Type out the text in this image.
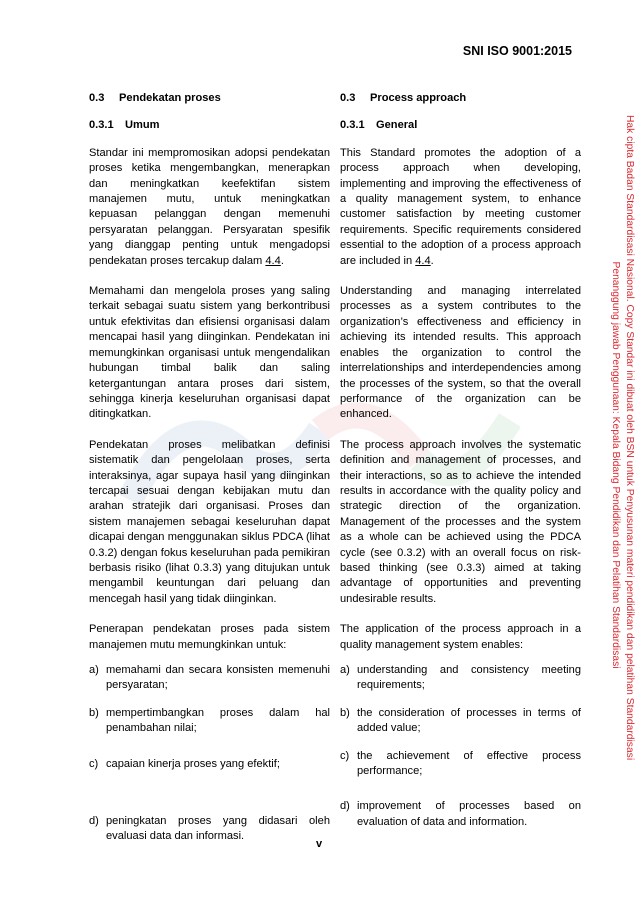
SNI ISO 9001:2015
0.3 Pendekatan proses
0.3.1 Umum

Standar ini mempromosikan adopsi pendekatan proses ketika mengembangkan, menerapkan dan meningkatkan keefektifan sistem manajemen mutu, untuk meningkatkan kepuasan pelanggan dengan memenuhi persyaratan pelanggan. Persyaratan spesifik yang dianggap penting untuk mengadopsi pendekatan proses tercakup dalam 4.4.

Memahami dan mengelola proses yang saling terkait sebagai suatu sistem yang berkontribusi untuk efektivitas dan efisiensi organisasi dalam mencapai hasil yang diinginkan. Pendekatan ini memungkinkan organisasi untuk mengendalikan hubungan timbal balik dan saling ketergantungan antara proses dari sistem, sehingga kinerja keseluruhan organisasi dapat ditingkatkan.

Pendekatan proses melibatkan definisi sistematik dan pengelolaan proses, serta interaksinya, agar supaya hasil yang diinginkan tercapai sesuai dengan kebijakan mutu dan arahan stratejik dari organisasi. Proses dan sistem manajemen sebagai keseluruhan dapat dicapai dengan menggunakan siklus PDCA (lihat 0.3.2) dengan fokus keseluruhan pada pemikiran berbasis risiko (lihat 0.3.3) yang ditujukan untuk mengambil keuntungan dari peluang dan mencegah hasil yang tidak diinginkan.

Penerapan pendekatan proses pada sistem manajemen mutu memungkinkan untuk:

a) memahami dan secara konsisten memenuhi persyaratan;
b) mempertimbangkan proses dalam hal penambahan nilai;
c) capaian kinerja proses yang efektif;
d) peningkatan proses yang didasari oleh evaluasi data dan informasi.
0.3 Process approach
0.3.1 General

This Standard promotes the adoption of a process approach when developing, implementing and improving the effectiveness of a quality management system, to enhance customer satisfaction by meeting customer requirements. Specific requirements considered essential to the adoption of a process approach are included in 4.4.

Understanding and managing interrelated processes as a system contributes to the organization’s effectiveness and efficiency in achieving its intended results. This approach enables the organization to control the interrelationships and interdependencies among the processes of the system, so that the overall performance of the organization can be enhanced.

The process approach involves the systematic definition and management of processes, and their interactions, so as to achieve the intended results in accordance with the quality policy and strategic direction of the organization. Management of the processes and the system as a whole can be achieved using the PDCA cycle (see 0.3.2) with an overall focus on risk-based thinking (see 0.3.3) aimed at taking advantage of opportunities and preventing undesirable results.

The application of the process approach in a quality management system enables:

a) understanding and consistency meeting requirements;
b) the consideration of processes in terms of added value;
c) the achievement of effective process performance;
d) improvement of processes based on evaluation of data and information.
v
Hak cipta Badan Standardisasi Nasional. Copy Standar ini dibuat oleh BSN untuk Penyusunan materi pendidikan dan pelatihan Standardisasi
Penanggung jawab Penggunaan: Kepala Bidang Pendidikan dan Pelatihan Standardisasi
